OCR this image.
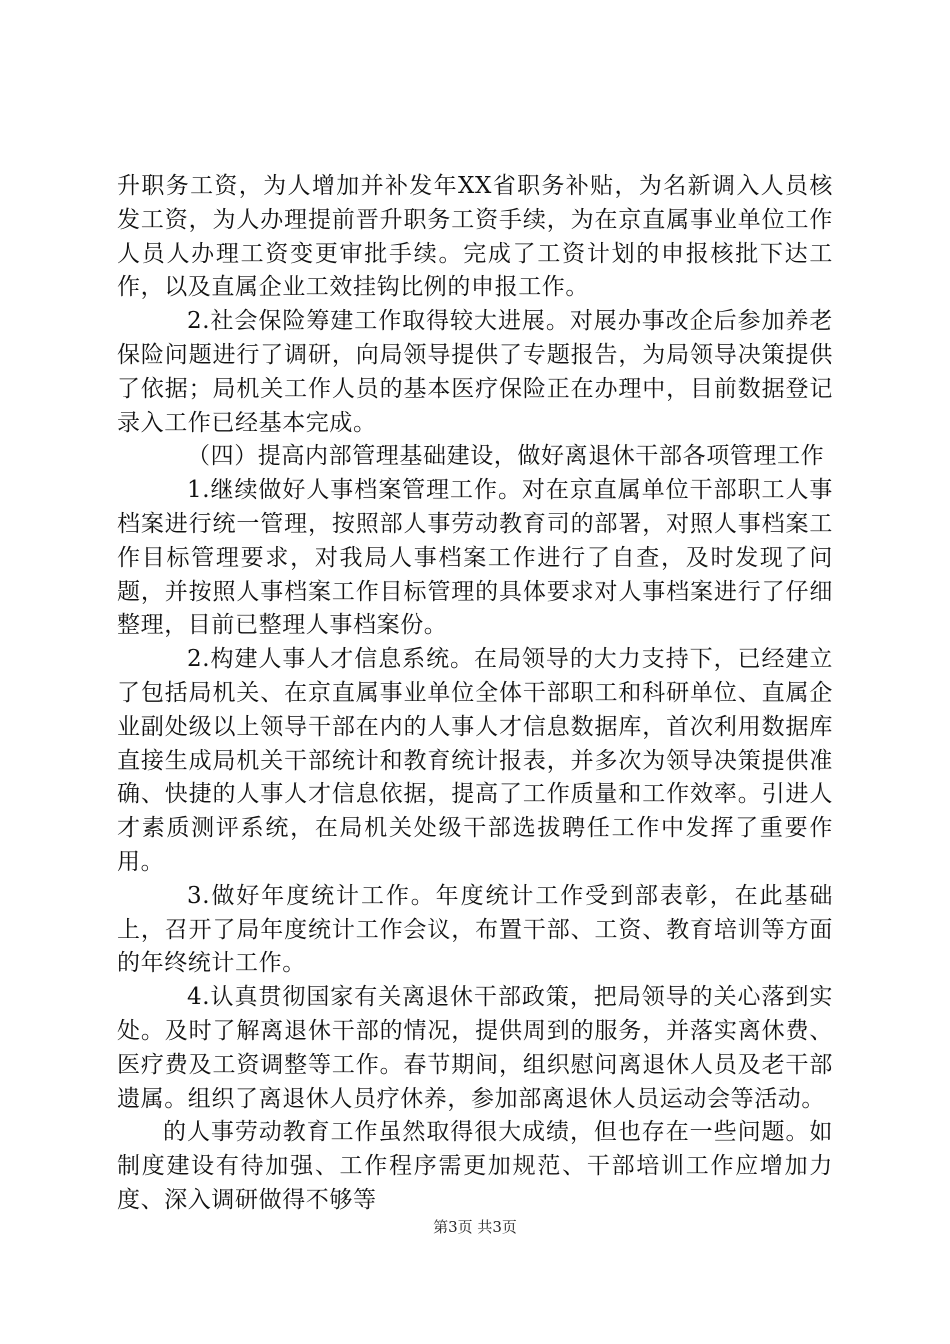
升职务工资，为人增加并补发年XX省职务补贴，为名新调入人员核发工资，为人办理提前晋升职务工资手续，为在京直属事业单位工作人员人办理工资变更审批手续。完成了工资计划的申报核批下达工作，以及直属企业工效挂钩比例的申报工作。

2.社会保险筹建工作取得较大进展。对展办事改企后参加养老保险问题进行了调研，向局领导提供了专题报告，为局领导决策提供了依据；局机关工作人员的基本医疗保险正在办理中，目前数据登记录入工作已经基本完成。

（四）提高内部管理基础建设，做好离退休干部各项管理工作

1.继续做好人事档案管理工作。对在京直属单位干部职工人事档案进行统一管理，按照部人事劳动教育司的部署，对照人事档案工作目标管理要求，对我局人事档案工作进行了自查，及时发现了问题，并按照人事档案工作目标管理的具体要求对人事档案进行了仔细整理，目前已整理人事档案份。

2.构建人事人才信息系统。在局领导的大力支持下，已经建立了包括局机关、在京直属事业单位全体干部职工和科研单位、直属企业副处级以上领导干部在内的人事人才信息数据库，首次利用数据库直接生成局机关干部统计和教育统计报表，并多次为领导决策提供准确、快捷的人事人才信息依据，提高了工作质量和工作效率。引进人才素质测评系统，在局机关处级干部选拔聘任工作中发挥了重要作用。

3.做好年度统计工作。年度统计工作受到部表彰，在此基础上，召开了局年度统计工作会议，布置干部、工资、教育培训等方面的年终统计工作。

4.认真贯彻国家有关离退休干部政策，把局领导的关心落到实处。及时了解离退休干部的情况，提供周到的服务，并落实离休费、医疗费及工资调整等工作。春节期间，组织慰问离退休人员及老干部遗属。组织了离退休人员疗休养，参加部离退休人员运动会等活动。

的人事劳动教育工作虽然取得很大成绩，但也存在一些问题。如制度建设有待加强、工作程序需更加规范、干部培训工作应增加力度、深入调研做得不够等

第3页 共3页
